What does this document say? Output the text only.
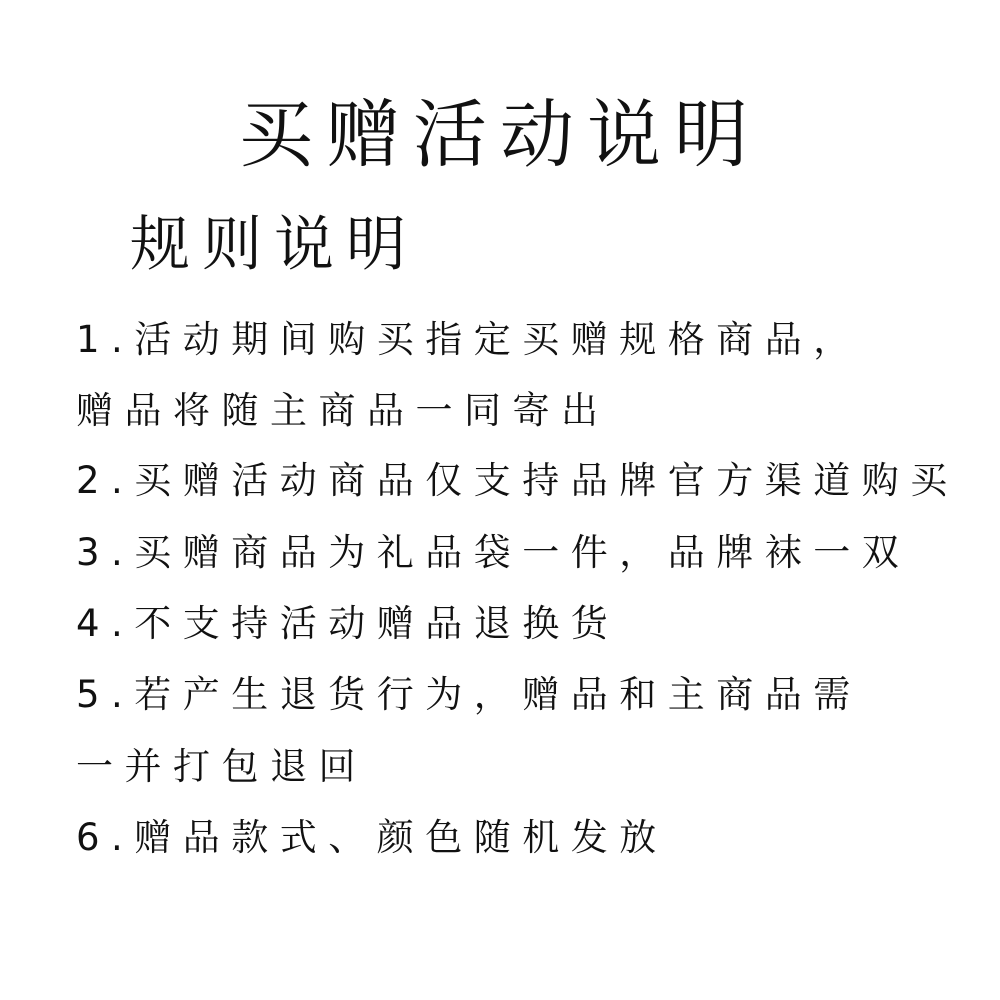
买赠活动说明
规则说明
1.活动期间购买指定买赠规格商品，
赠品将随主商品一同寄出
2.买赠活动商品仅支持品牌官方渠道购买
3.买赠商品为礼品袋一件，品牌袜一双
4.不支持活动赠品退换货
5.若产生退货行为，赠品和主商品需
一并打包退回
6.赠品款式、颜色随机发放
